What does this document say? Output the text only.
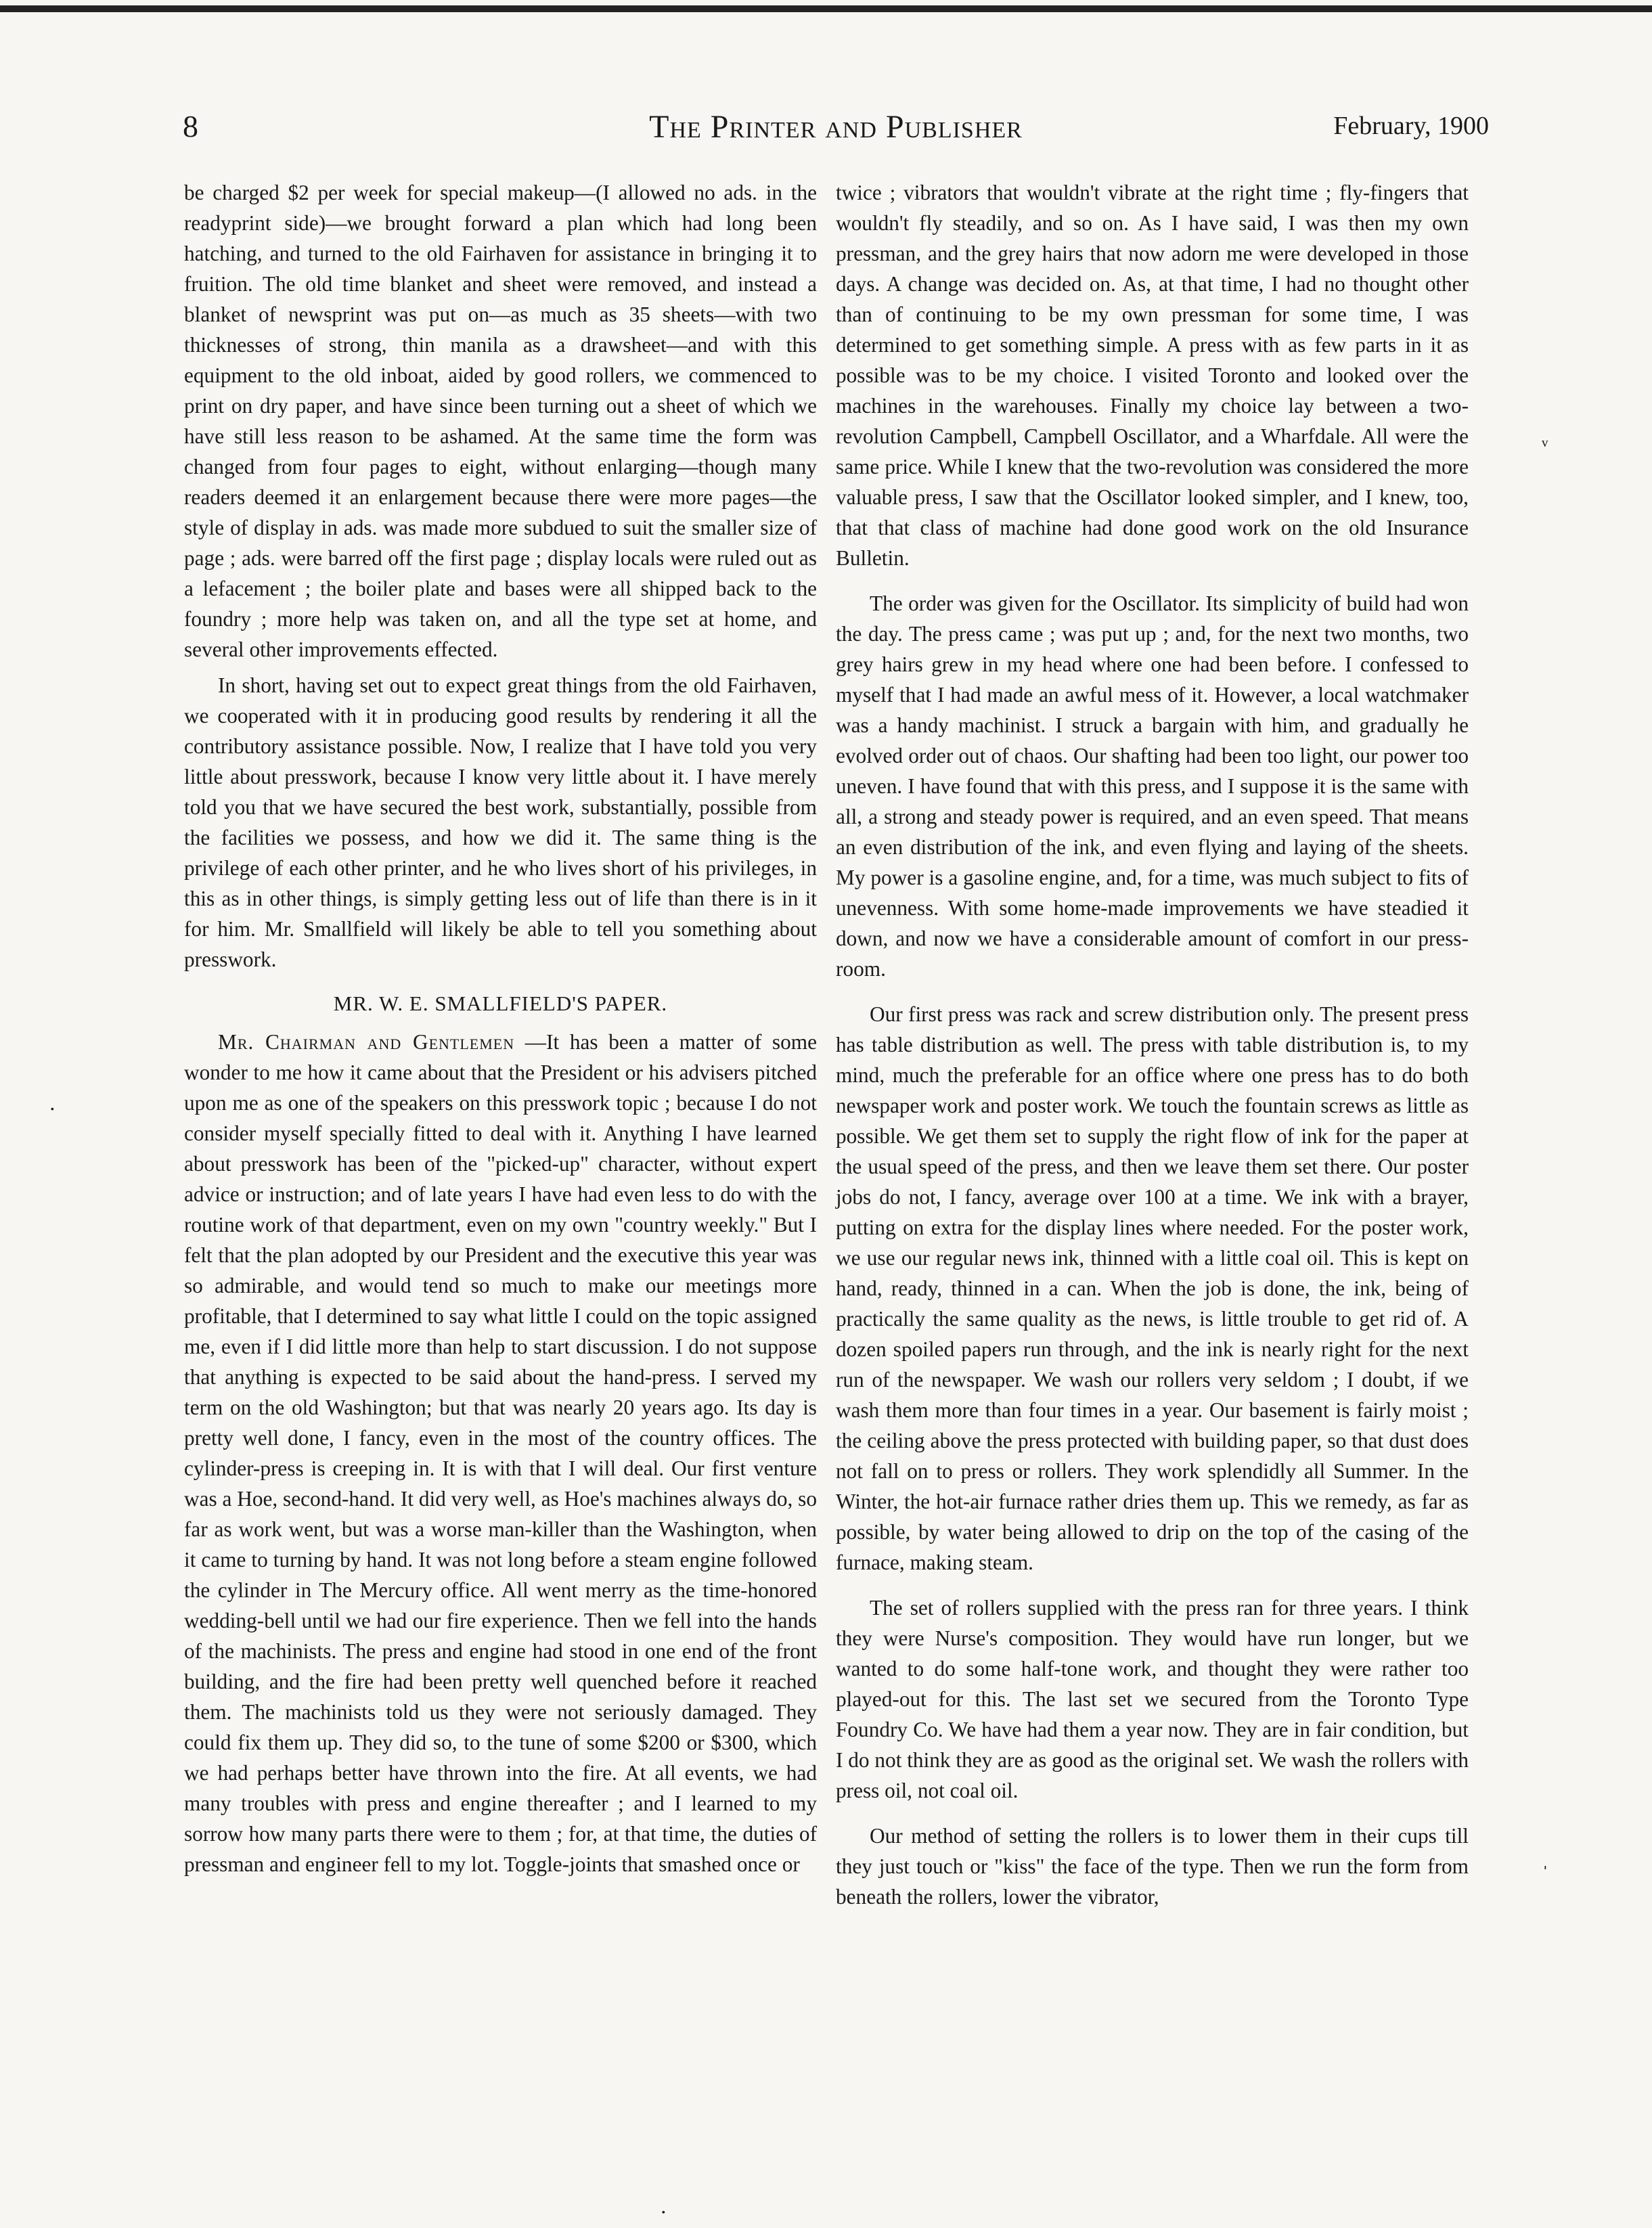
The Printer and Publisher
8	February, 1900

be charged $2 per week for special makeup—(I allowed no ads. in the readyprint side)—we brought forward a plan which had long been hatching, and turned to the old Fairhaven for assistance in bringing it to fruition. The old time blanket and sheet were removed, and instead a blanket of newsprint was put on—as much as 35 sheets—with two thicknesses of strong, thin manila as a drawsheet—and with this equipment to the old inboat, aided by good rollers, we commenced to print on dry paper, and have since been turning out a sheet of which we have still less reason to be ashamed. At the same time the form was changed from four pages to eight, without enlarging—though many readers deemed it an enlargement because there were more pages—the style of display in ads. was made more subdued to suit the smaller size of page ; ads. were barred off the first page ; display locals were ruled out as a lefacement ; the boiler plate and bases were all shipped back to the foundry ; more help was taken on, and all the type set at home, and several other improvements effected.

In short, having set out to expect great things from the old Fairhaven, we cooperated with it in producing good results by rendering it all the contributory assistance possible. Now, I realize that I have told you very little about presswork, because I know very little about it. I have merely told you that we have secured the best work, substantially, possible from the facilities we possess, and how we did it. The same thing is the privilege of each other printer, and he who lives short of his privileges, in this as in other things, is simply getting less out of life than there is in it for him. Mr. Smallfield will likely be able to tell you something about presswork.

MR. W. E. SMALLFIELD'S PAPER.

Mr. Chairman and Gentlemen —It has been a matter of some wonder to me how it came about that the President or his advisers pitched upon me as one of the speakers on this presswork topic ; because I do not consider myself specially fitted to deal with it. Anything I have learned about presswork has been of the "picked-up" character, without expert advice or instruction; and of late years I have had even less to do with the routine work of that department, even on my own "country weekly." But I felt that the plan adopted by our President and the executive this year was so admirable, and would tend so much to make our meetings more profitable, that I determined to say what little I could on the topic assigned me, even if I did little more than help to start discussion. I do not suppose that anything is expected to be said about the hand-press. I served my term on the old Washington; but that was nearly 20 years ago. Its day is pretty well done, I fancy, even in the most of the country offices. The cylinder-press is creeping in. It is with that I will deal. Our first venture was a Hoe, second-hand. It did very well, as Hoe's machines always do, so far as work went, but was a worse man-killer than the Washington, when it came to turning by hand. It was not long before a steam engine followed the cylinder in The Mercury office. All went merry as the time-honored wedding-bell until we had our fire experience. Then we fell into the hands of the machinists. The press and engine had stood in one end of the front building, and the fire had been pretty well quenched before it reached them. The machinists told us they were not seriously damaged. They could fix them up. They did so, to the tune of some $200 or $300, which we had perhaps better have thrown into the fire. At all events, we had many troubles with press and engine thereafter ; and I learned to my sorrow how many parts there were to them ; for, at that time, the duties of pressman and engineer fell to my lot. Toggle-joints that smashed once or

twice ; vibrators that wouldn't vibrate at the right time ; fly-fingers that wouldn't fly steadily, and so on. As I have said, I was then my own pressman, and the grey hairs that now adorn me were developed in those days. A change was decided on. As, at that time, I had no thought other than of continuing to be my own pressman for some time, I was determined to get something simple. A press with as few parts in it as possible was to be my choice. I visited Toronto and looked over the machines in the warehouses. Finally my choice lay between a two-revolution Campbell, Campbell Oscillator, and a Wharfdale. All were the same price. While I knew that the two-revolution was considered the more valuable press, I saw that the Oscillator looked simpler, and I knew, too, that that class of machine had done good work on the old Insurance Bulletin.

The order was given for the Oscillator. Its simplicity of build had won the day. The press came ; was put up ; and, for the next two months, two grey hairs grew in my head where one had been before. I confessed to myself that I had made an awful mess of it. However, a local watchmaker was a handy machinist. I struck a bargain with him, and gradually he evolved order out of chaos. Our shafting had been too light, our power too uneven. I have found that with this press, and I suppose it is the same with all, a strong and steady power is required, and an even speed. That means an even distribution of the ink, and even flying and laying of the sheets. My power is a gasoline engine, and, for a time, was much subject to fits of unevenness. With some home-made improvements we have steadied it down, and now we have a considerable amount of comfort in our press-room.

Our first press was rack and screw distribution only. The present press has table distribution as well. The press with table distribution is, to my mind, much the preferable for an office where one press has to do both newspaper work and poster work. We touch the fountain screws as little as possible. We get them set to supply the right flow of ink for the paper at the usual speed of the press, and then we leave them set there. Our poster jobs do not, I fancy, average over 100 at a time. We ink with a brayer, putting on extra for the display lines where needed. For the poster work, we use our regular news ink, thinned with a little coal oil. This is kept on hand, ready, thinned in a can. When the job is done, the ink, being of practically the same quality as the news, is little trouble to get rid of. A dozen spoiled papers run through, and the ink is nearly right for the next run of the newspaper. We wash our rollers very seldom ; I doubt, if we wash them more than four times in a year. Our basement is fairly moist ; the ceiling above the press protected with building paper, so that dust does not fall on to press or rollers. They work splendidly all Summer. In the Winter, the hot-air furnace rather dries them up. This we remedy, as far as possible, by water being allowed to drip on the top of the casing of the furnace, making steam.

The set of rollers supplied with the press ran for three years. I think they were Nurse's composition. They would have run longer, but we wanted to do some half-tone work, and thought they were rather too played-out for this. The last set we secured from the Toronto Type Foundry Co. We have had them a year now. They are in fair condition, but I do not think they are as good as the original set. We wash the rollers with press oil, not coal oil.

Our method of setting the rollers is to lower them in their cups till they just touch or "kiss" the face of the type. Then we run the form from beneath the rollers, lower the vibrator,

ᵛ
ˈ
·
·
